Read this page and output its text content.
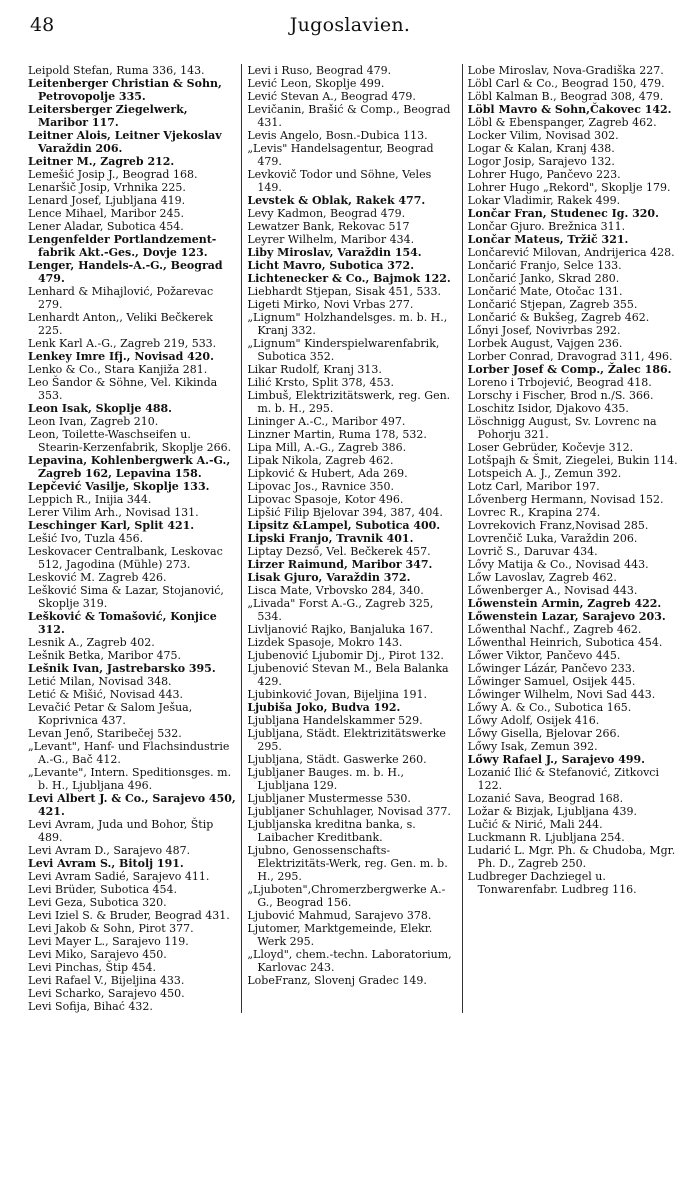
48	Jugoslavien.
Leipold Stefan, Ruma 336, 143.
Leitenberger Christian & Sohn, Petrovopolje 335.
Leitersberger Ziegelwerk, Maribor 117.
Leitner Alois, Leitner Vjekoslav Varaždin 206.
Leitner M., Zagreb 212.
Lemešić Josip J., Beograd 168.
Lenaršič Josip, Vrhnika 225.
Lenard Josef, Ljubljana 419.
Lence Mihael, Maribor 245.
Lener Aladar, Subotica 454.
Lengenfelder Portlandzement-fabrik Akt.-Ges., Dovje 123.
Lenger, Handels-A.-G., Beograd 479.
Lenhard & Mihajlović, Požarevac 279.
Lenhardt Anton,, Veliki Bečkerek 225.
Lenk Karl A.-G., Zagreb 219, 533.
Lenkey Imre Ifj., Novisad 420.
Lenko & Co., Stara Kanjiža 281.
Leo Šandor & Söhne, Vel. Kikinda 353.
Leon Isak, Skoplje 488.
Leon Ivan, Zagreb 210.
Leon, Toilette-Waschseifen u. Stearin-Kerzenfabrik, Skoplje 266.
Lepavina, Kohlenbergwerk A.-G., Zagreb 162, Lepavina 158.
Lepčević Vasilje, Skoplje 133.
Leppich R., Inijia 344.
Lerer Vilim Arh., Novisad 131.
Leschinger Karl, Split 421.
Lešić Ivo, Tuzla 456.
Leskovacer Centralbank, Leskovac 512, Jagodina (Mühle) 273.
Lesković M. Zagreb 426.
Lešković Sima & Lazar, Stojanović, Skoplje 319.
Lešković & Tomašović, Konjice 312.
Lesnik A., Zagreb 402.
Lešnik Betka, Maribor 475.
Lešnik Ivan, Jastrebarsko 395.
Letić Milan, Novisad 348.
Letić & Mišić, Novisad 443.
Levačić Petar & Salom Ješua, Koprivnica 437.
Levan Jenő, Staribečej 532.
„Levant", Hanf- und Flachsindustrie A.-G., Bač 412.
„Levante", Intern. Speditionsges. m. b. H., Ljubljana 496.
Levi Albert J. & Co., Sarajevo 450, 421.
Levi Avram, Juda und Bohor, Štip 489.
Levi Avram D., Sarajevo 487.
Levi Avram S., Bitolj 191.
Levi Avram Sadié, Sarajevo 411.
Levi Brüder, Subotica 454.
Levi Geza, Subotica 320.
Levi Iziel S. & Bruder, Beograd 431.
Levi Jakob & Sohn, Pirot 377.
Levi Mayer L., Sarajevo 119.
Levi Miko, Sarajevo 450.
Levi Pinchas, Štip 454.
Levi Rafael V., Bijeljina 433.
Levi Scharko, Sarajevo 450.
Levi Sofija, Bihać 432.
Levi i Ruso, Beograd 479.
Lević Leon, Skoplje 499.
Lević Stevan A., Beograd 479.
Levičanin, Brašić & Comp., Beograd 431.
Levis Angelo, Bosn.-Dubica 113.
„Levis" Handelsagentur, Beograd 479.
Levkovič Todor und Söhne, Veles 149.
Levstek & Oblak, Rakek 477.
Levy Kadmon, Beograd 479.
Lewatzer Bank, Rekovac 517
Leyrer Wilhelm, Maribor 434.
Liby Miroslav, Varaždin 154.
Licht Mavro, Subotica 372.
Lichtenecker & Co., Bajmok 122.
Liebhardt Stjepan, Sisak 451, 533.
Ligeti Mirko, Novi Vrbas 277.
„Lignum" Holzhandelsges. m. b. H., Kranj 332.
„Lignum" Kinderspielwarenfabrik, Subotica 352.
Likar Rudolf, Kranj 313.
Lilić Krsto, Split 378, 453.
Limbuš, Elektrizitätswerk, reg. Gen. m. b. H., 295.
Lininger A.-C., Maribor 497.
Linzner Martin, Ruma 178, 532.
Lipa Mill, A.-G., Zagreb 386.
Lipak Nikola, Zagreb 462.
Lipković & Hubert, Ada 269.
Lipovac Jos., Ravnice 350.
Lipovac Spasoje, Kotor 496.
Lipšić Filip Bjelovar 394, 387, 404.
Lipsitz &Lampel, Subotica 400.
Lipski Franjo, Travnik 401.
Liptay Dezső, Vel. Bečkerek 457.
Lirzer Raimund, Maribor 347.
Lisak Gjuro, Varaždin 372.
Lisca Mate, Vrbovsko 284, 340.
„Livada" Forst A.-G., Zagreb 325, 534.
Livljanović Rajko, Banjaluka 167.
Lizdek Spasoje, Mokro 143.
Ljubenović Ljubomir Dj., Pirot 132.
Ljubenović Stevan M., Bela Balanka 429.
Ljubinković Jovan, Bijeljina 191.
Ljubiša Joko, Budva 192.
Ljubljana Handelskammer 529.
Ljubljana, Städt. Elektrizitätswerke 295.
Ljubljana, Städt. Gaswerke 260.
Ljubljaner Bauges. m. b. H., Ljubljana 129.
Ljubljaner Mustermesse 530.
Ljubljaner Schuhlager, Novisad 377.
Ljubljanska kreditna banka, s. Laibacher Kreditbank.
Ljubno, Genossenschafts-Elektrizitäts-Werk, reg. Gen. m. b. H., 295.
„Ljuboten",Chromerzbergwerke A.-G., Beograd 156.
Ljubović Mahmud, Sarajevo 378.
Ljutomer, Marktgemeinde, Elekr. Werk 295.
„Lloyd", chem.-techn. Laboratorium, Karlovac 243.
LobeFranz, Slovenj Gradec 149.
Lobe Miroslav, Nova-Gradiška 227.
Löbl Carl & Co., Beograd 150, 479.
Löbl Kalman B., Beograd 308, 479.
Löbl Mavro & Sohn,Čakovec 142.
Löbl & Ebenspanger, Zagreb 462.
Locker Vilim, Novisad 302.
Logar & Kalan, Kranj 438.
Logor Josip, Sarajevo 132.
Lohrer Hugo, Pančevo 223.
Lohrer Hugo „Rekord", Skoplje 179.
Lokar Vladimir, Rakek 499.
Lončar Fran, Studenec Ig. 320.
Lončar Gjuro. Brežnica 311.
Lončar Mateus, Tržič 321.
Lončarević Milovan, Andrijerica 428.
Lončarić Franjo, Selce 133.
Lončarić Janko, Skrad 280.
Lončarić Mate, Otočac 131.
Lončarić Stjepan, Zagreb 355.
Lončarić & Bukšeg, Zagreb 462.
Lőnyi Josef, Novivrbas 292.
Lorbek August, Vajgen 236.
Lorber Conrad, Dravograd 311, 496.
Lorber Josef & Comp., Žalec 186.
Loreno i Trbojević, Beograd 418.
Lorschy i Fischer, Brod n./S. 366.
Loschitz Isidor, Djakovo 435.
Löschnigg August, Sv. Lovrenc na Pohorju 321.
Loser Gebrüder, Kočevje 312.
Lotšpajh & Šmit, Ziegelei, Bukin 114.
Lotspeich A. J., Zemun 392.
Lotz Carl, Maribor 197.
Lővenberg Hermann, Novisad 152.
Lovrec R., Krapina 274.
Lovrekovich Franz,Novisad 285.
Lovrenčič Luka, Varaždin 206.
Lovrič S., Daruvar 434.
Lővy Matija & Co., Novisad 443.
Lőw Lavoslav, Zagreb 462.
Lőwenberger A., Novisad 443.
Lőwenstein Armin, Zagreb 422.
Lőwenstein Lazar, Sarajevo 203.
Lőwenthal Nachf., Zagreb 462.
Lőwenthal Heinrich, Subotica 454.
Lőwer Viktor, Pančevo 445.
Lőwinger Lázár, Pančevo 233.
Lőwinger Samuel, Osijek 445.
Lőwinger Wilhelm, Novi Sad 443.
Lőwy A. & Co., Subotica 165.
Lőwy Adolf, Osijek 416.
Lőwy Gisella, Bjelovar 266.
Lőwy Isak, Zemun 392.
Lőwy Rafael J., Sarajevo 499.
Lozanić Ilić & Stefanović, Zitkovci 122.
Lozanić Sava, Beograd 168.
Ložar & Bizjak, Ljubljana 439.
Lučić & Nirić, Mali 244.
Luckmann R. Ljubljana 254.
Ludarić L. Mgr. Ph. & Chudoba, Mgr. Ph. D., Zagreb 250.
Ludbreger Dachziegel u. Tonwarenfabr. Ludbreg 116.
